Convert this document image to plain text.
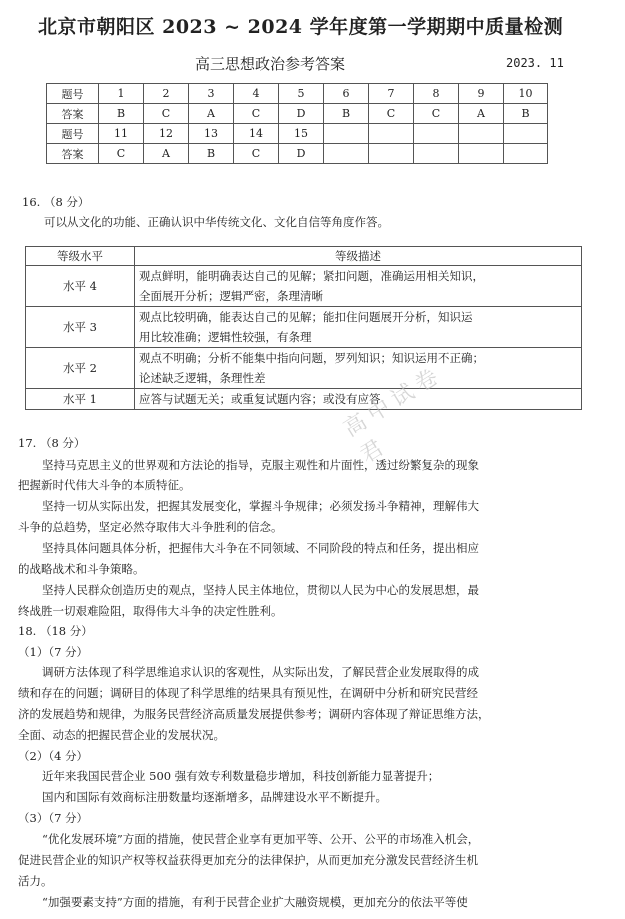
北京市朝阳区 2023 ~ 2024 学年度第一学期期中质量检测
高三思想政治参考答案	2023. 11
题号	1	2	3	4	5	6	7	8	9	10
答案	B	C	A	C	D	B	C	C	A	B
题号	11	12	13	14	15					
答案	C	A	B	C	D					
16. （8 分）
可以从文化的功能、正确认识中华传统文化、文化自信等角度作答。
等级水平	等级描述
水平 4	观点鲜明，能明确表达自己的见解；紧扣问题，准确运用相关知识，
全面展开分析；逻辑严密，条理清晰

水平 3	观点比较明确，能表达自己的见解；能扣住问题展开分析，知识运
用比较准确；逻辑性较强，有条理

水平 2	观点不明确；分析不能集中指向问题，罗列知识；知识运用不正确；
论述缺乏逻辑，条理性差

水平 1	应答与试题无关；或重复试题内容；或没有应答
17. （8 分）
坚持马克思主义的世界观和方法论的指导，克服主观性和片面性，透过纷繁复杂的现象
把握新时代伟大斗争的本质特征。
坚持一切从实际出发，把握其发展变化，掌握斗争规律；必须发扬斗争精神，理解伟大
斗争的总趋势，坚定必然夺取伟大斗争胜利的信念。
坚持具体问题具体分析，把握伟大斗争在不同领域、不同阶段的特点和任务，提出相应
的战略战术和斗争策略。
坚持人民群众创造历史的观点，坚持人民主体地位，贯彻以人民为中心的发展思想，最
终战胜一切艰难险阻，取得伟大斗争的决定性胜利。
18. （18 分）
（1）（7 分）
调研方法体现了科学思维追求认识的客观性，从实际出发，了解民营企业发展取得的成
绩和存在的问题；调研目的体现了科学思维的结果具有预见性，在调研中分析和研究民营经
济的发展趋势和规律，为服务民营经济高质量发展提供参考；调研内容体现了辩证思维方法，
全面、动态的把握民营企业的发展状况。
（2）（4 分）
近年来我国民营企业 500 强有效专利数量稳步增加，科技创新能力显著提升；
国内和国际有效商标注册数量均逐渐增多，品牌建设水平不断提升。
（3）（7 分）
“优化发展环境”方面的措施，使民营企业享有更加平等、公开、公平的市场准入机会，
促进民营企业的知识产权等权益获得更加充分的法律保护，从而更加充分激发民营经济生机
活力。
“加强要素支持”方面的措施，有利于民营企业扩大融资规模，更加充分的依法平等使
高中试卷君
